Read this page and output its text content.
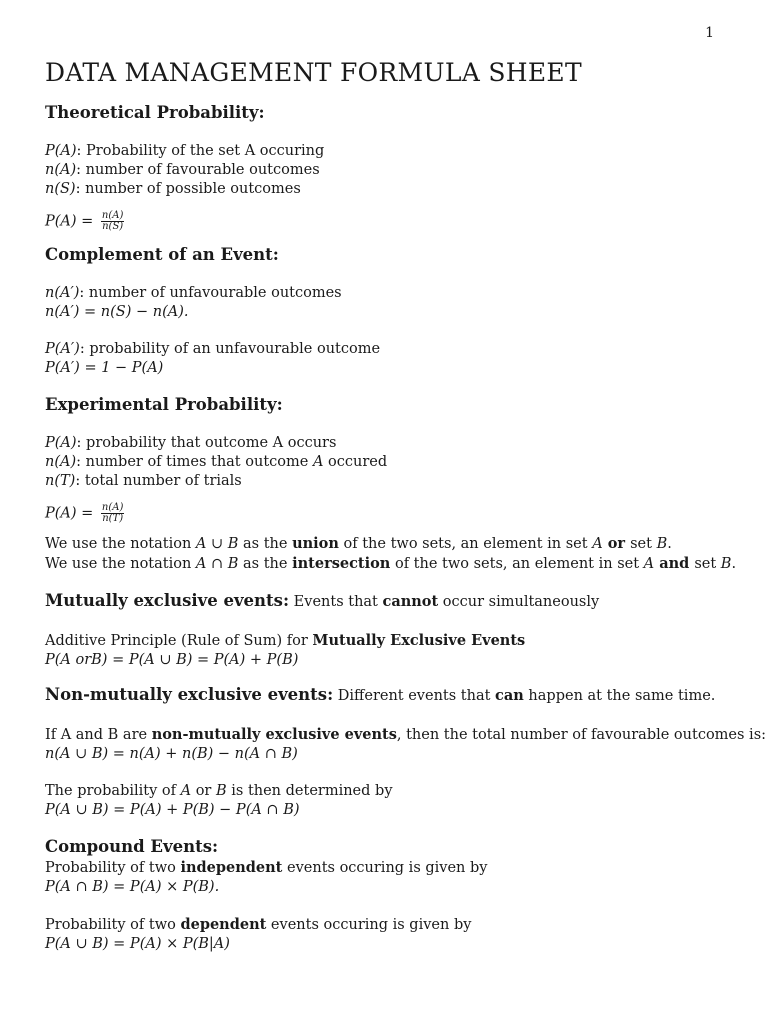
1
DATA MANAGEMENT FORMULA SHEET
Theoretical Probability:
P(A): Probability of the set A occuring
n(A): number of favourable outcomes
n(S): number of possible outcomes
$P(A) = \frac{n(A)}{n(S)}$
Complement of an Event:
n(A′): number of unfavourable outcomes
n(A′) = n(S) − n(A).
P(A′): probability of an unfavourable outcome
P(A′) = 1 − P(A)
Experimental Probability:
P(A): probability that outcome A occurs
n(A): number of times that outcome A occured
n(T): total number of trials
$P(A) = \frac{n(A)}{n(T)}$
We use the notation A ∪ B as the union of the two sets, an element in set A or set B.
We use the notation A ∩ B as the intersection of the two sets, an element in set A and set B.
Mutually exclusive events: Events that cannot occur simultaneously
Additive Principle (Rule of Sum) for Mutually Exclusive Events
P(A orB) = P(A ∪ B) = P(A) + P(B)
Non-mutually exclusive events: Different events that can happen at the same time.
If A and B are non-mutually exclusive events, then the total number of favourable outcomes is:
n(A ∪ B) = n(A) + n(B) − n(A ∩ B)
The probability of A or B is then determined by
P(A ∪ B) = P(A) + P(B) − P(A ∩ B)
Compound Events:
Probability of two independent events occuring is given by
P(A ∩ B) = P(A) × P(B).
Probability of two dependent events occuring is given by
P(A ∪ B) = P(A) × P(B|A)
